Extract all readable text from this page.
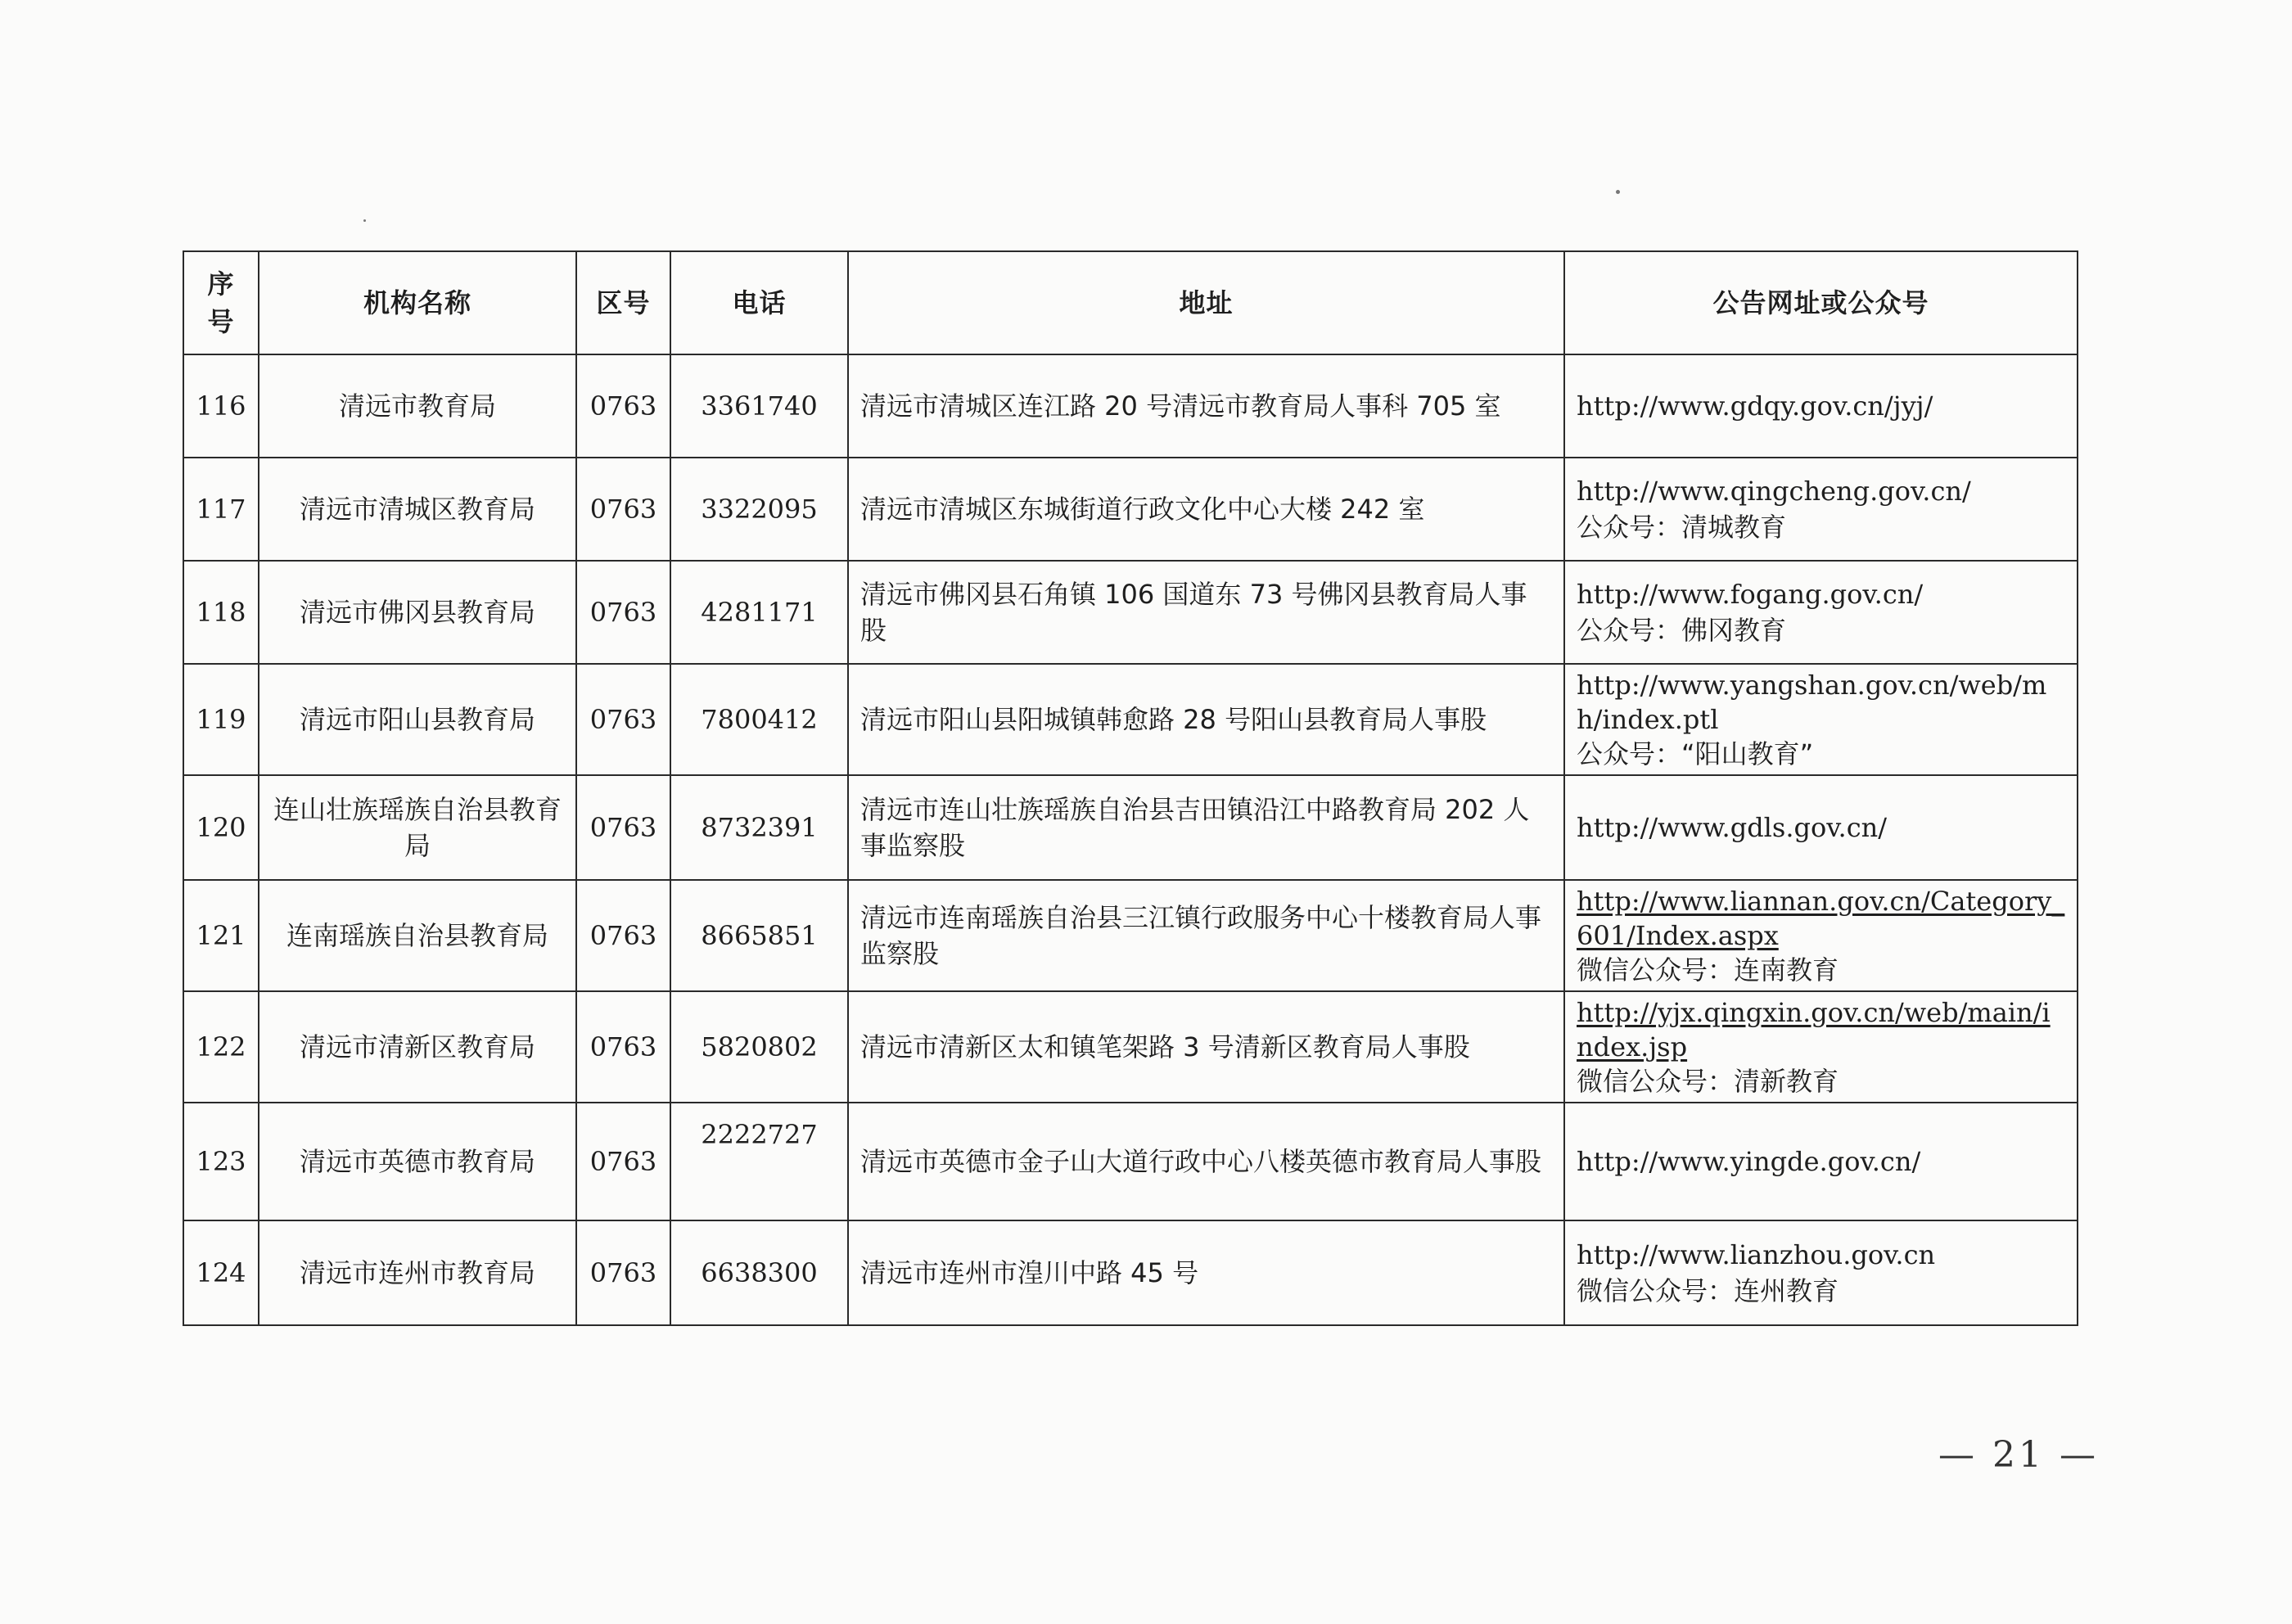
序
号	机构名称	区号	电话	地址	公告网址或公众号
116	清远市教育局	0763	3361740	清远市清城区连江路 20 号清远市教育局人事科 705 室	http://www.gdqy.gov.cn/jyj/

117	清远市清城区教育局	0763	3322095	清远市清城区东城街道行政文化中心大楼 242 室	http://www.qingcheng.gov.cn/
公众号：清城教育

118	清远市佛冈县教育局	0763	4281171	清远市佛冈县石角镇 106 国道东 73 号佛冈县教育局人事股	http://www.fogang.gov.cn/
公众号：佛冈教育

119	清远市阳山县教育局	0763	7800412	清远市阳山县阳城镇韩愈路 28 号阳山县教育局人事股	http://www.yangshan.gov.cn/web/mh/index.ptl
公众号：“阳山教育”

120	连山壮族瑶族自治县教育局	0763	8732391	清远市连山壮族瑶族自治县吉田镇沿江中路教育局 202 人事监察股	http://www.gdls.gov.cn/

121	连南瑶族自治县教育局	0763	8665851	清远市连南瑶族自治县三江镇行政服务中心十楼教育局人事监察股	http://www.liannan.gov.cn/Category_601/Index.aspx
微信公众号：连南教育

122	清远市清新区教育局	0763	5820802	清远市清新区太和镇笔架路 3 号清新区教育局人事股	http://yjx.qingxin.gov.cn/web/main/index.jsp
微信公众号：清新教育

123	清远市英德市教育局	0763	2222727	清远市英德市金子山大道行政中心八楼英德市教育局人事股	http://www.yingde.gov.cn/

124	清远市连州市教育局	0763	6638300	清远市连州市湟川中路 45 号	http://www.lianzhou.gov.cn
微信公众号：连州教育
— 21 —
